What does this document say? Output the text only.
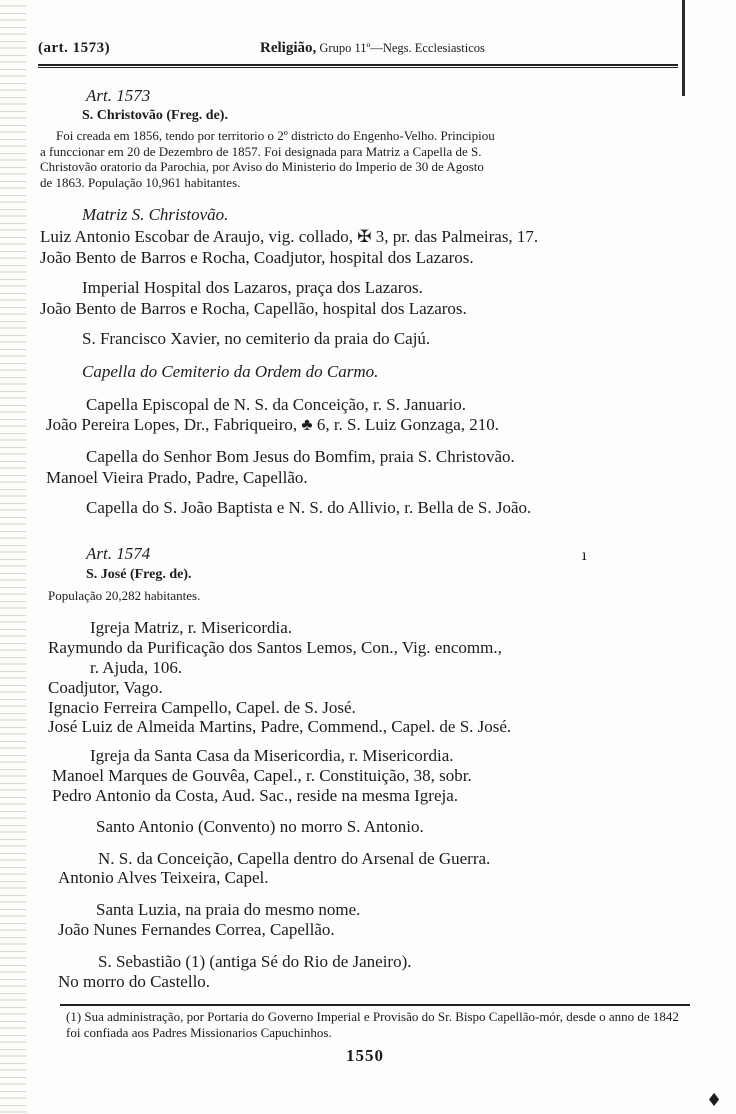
(art. 1573)	Religião, Grupo 11º—Negs. Ecclesiasticos
Art. 1573
S. Christovão (Freg. de).
Foi creada em 1856, tendo por territorio o 2º districto do Engenho-Velho. Principiou
a funccionar em 20 de Dezembro de 1857. Foi designada para Matriz a Capella de S.
Christovão oratorio da Parochia, por Aviso do Ministerio do Imperio de 30 de Agosto
de 1863. População 10,961 habitantes.
Matriz S. Christovão.
Luiz Antonio Escobar de Araujo, vig. collado, ✠ 3, pr. das Palmeiras, 17.
João Bento de Barros e Rocha, Coadjutor, hospital dos Lazaros.
Imperial Hospital dos Lazaros, praça dos Lazaros.
João Bento de Barros e Rocha, Capellão, hospital dos Lazaros.
S. Francisco Xavier, no cemiterio da praia do Cajú.
Capella do Cemiterio da Ordem do Carmo.
Capella Episcopal de N. S. da Conceição, r. S. Januario.
João Pereira Lopes, Dr., Fabriqueiro, ♣ 6, r. S. Luiz Gonzaga, 210.
Capella do Senhor Bom Jesus do Bomfim, praia S. Christovão.
Manoel Vieira Prado, Padre, Capellão.
Capella do S. João Baptista e N. S. do Allivio, r. Bella de S. João.
Art. 1574	ı
S. José (Freg. de).
População 20,282 habitantes.
Igreja Matriz, r. Misericordia.
Raymundo da Purificação dos Santos Lemos, Con., Vig. encomm.,
r. Ajuda, 106.
Coadjutor, Vago.
Ignacio Ferreira Campello, Capel. de S. José.
José Luiz de Almeida Martins, Padre, Commend., Capel. de S. José.
Igreja da Santa Casa da Misericordia, r. Misericordia.
Manoel Marques de Gouvêa, Capel., r. Constituição, 38, sobr.
Pedro Antonio da Costa, Aud. Sac., reside na mesma Igreja.
Santo Antonio (Convento) no morro S. Antonio.
N. S. da Conceição, Capella dentro do Arsenal de Guerra.
Antonio Alves Teixeira, Capel.
Santa Luzia, na praia do mesmo nome.
João Nunes Fernandes Correa, Capellão.
S. Sebastião (1) (antiga Sé do Rio de Janeiro).
No morro do Castello.
(1) Sua administração, por Portaria do Governo Imperial e Provisão do Sr. Bispo Capellão-mór, desde o anno de 1842 foi confiada aos Padres Missionarios Capuchinhos.
1550
♦
